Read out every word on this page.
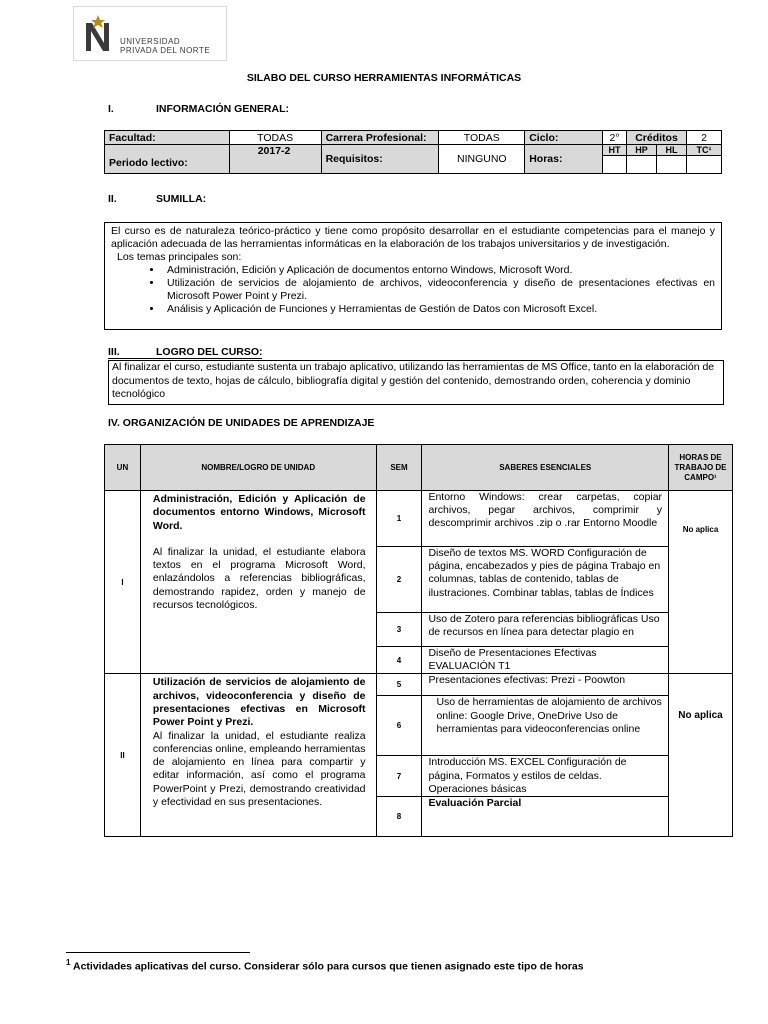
UNIVERSIDAD
PRIVADA DEL NORTE
SILABO DEL CURSO HERRAMIENTAS INFORMÁTICAS
I.	INFORMACIÓN GENERAL:
Facultad:	TODAS	Carrera Profesional:	TODAS	Ciclo:	2°	Créditos		2
Periodo lectivo:	2017-2	Requisitos:	NINGUNO	Horas:	HT	HP	HL	TC¹

II.	SUMILLA:
El curso es de naturaleza teórico-práctico y tiene como propósito desarrollar en el estudiante competencias para el manejo y aplicación adecuada de las herramientas informáticas en la elaboración de los trabajos universitarios y de investigación.
Los temas principales son:
• Administración, Edición y Aplicación de documentos entorno Windows, Microsoft Word.
• Utilización de servicios de alojamiento de archivos, videoconferencia y diseño de presentaciones efectivas en Microsoft Power Point y Prezi.
• Análisis y Aplicación de Funciones y Herramientas de Gestión de Datos con Microsoft Excel.
III.	LOGRO DEL CURSO:
Al finalizar el curso, estudiante sustenta un trabajo aplicativo, utilizando las herramientas de MS Office, tanto en la elaboración de documentos de texto, hojas de cálculo, bibliografía digital y gestión del contenido, demostrando orden, coherencia y dominio tecnológico
IV. ORGANIZACIÓN DE UNIDADES DE APRENDIZAJE
UN	NOMBRE/LOGRO DE UNIDAD	SEM	SABERES ESENCIALES	HORAS DE TRABAJO DE CAMPO¹
I	Administración, Edición y Aplicación de documentos entorno Windows, Microsoft Word.
Al finalizar la unidad, el estudiante elabora textos en el programa Microsoft Word, enlazándolos a referencias bibliográficas, demostrando rapidez, orden y manejo de recursos tecnológicos.	1	Entorno Windows: crear carpetas, copiar archivos, pegar archivos, comprimir y descomprimir archivos .zip o .rar Entorno Moodle	No aplica
		2	Diseño de textos MS. WORD Configuración de página, encabezados y pies de página Trabajo en columnas, tablas de contenido, tablas de ilustraciones. Combinar tablas, tablas de Índices	
		3	Uso de Zotero para referencias bibliográficas Uso de recursos en línea para detectar plagio en	
		4	Diseño de Presentaciones Efectivas EVALUACIÓN T1	
II	Utilización de servicios de alojamiento de archivos, videoconferencia y diseño de presentaciones efectivas en Microsoft Power Point y Prezi.
Al finalizar la unidad, el estudiante realiza conferencias online, empleando herramientas de alojamiento en línea para compartir y editar información, así como el programa PowerPoint y Prezi, demostrando creatividad y efectividad en sus presentaciones.	5	Presentaciones efectivas: Prezi - Poowton	No aplica
		6	Uso de herramientas de alojamiento de archivos online: Google Drive, OneDrive Uso de herramientas para videoconferencias online	
		7	Introducción MS. EXCEL Configuración de página, Formatos y estilos de celdas. Operaciones básicas	
		8	Evaluación Parcial	
$^1$ Actividades aplicativas del curso. Considerar sólo para cursos que tienen asignado este tipo de horas
